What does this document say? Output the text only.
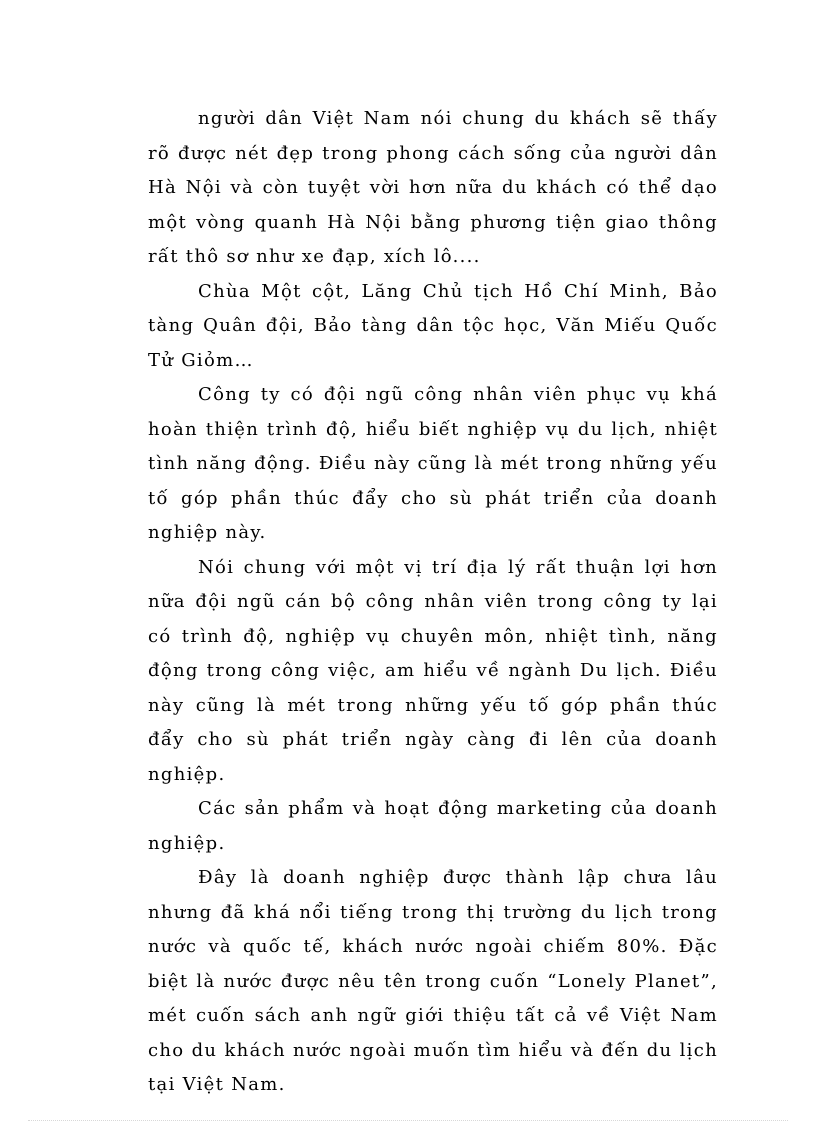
người dân Việt Nam nói chung du khách sẽ thấy rõ được nét đẹp trong phong cách sống của người dân Hà Nội và còn tuyệt vời hơn nữa du khách có thể dạo một vòng quanh Hà Nội bằng phương tiện giao thông rất thô sơ như xe đạp, xích lô....

Chùa Một cột, Lăng Chủ tịch Hồ Chí Minh, Bảo tàng Quân đội, Bảo tàng dân tộc học, Văn Miếu Quốc Tử Giỏm…

Công ty có đội ngũ công nhân viên phục vụ khá hoàn thiện trình độ, hiểu biết nghiệp vụ du lịch, nhiệt tình năng động. Điều này cũng là mét trong những yếu tố góp phần thúc đẩy cho sù phát triển của doanh nghiệp này.

Nói chung với một vị trí địa lý rất thuận lợi hơn nữa đội ngũ cán bộ công nhân viên trong công ty lại có trình độ, nghiệp vụ chuyên môn, nhiệt tình, năng động trong công việc, am hiểu về ngành Du lịch. Điều này cũng là mét trong những yếu tố góp phần thúc đẩy cho sù phát triển ngày càng đi lên của doanh nghiệp.

Các sản phẩm và hoạt động marketing của doanh nghiệp.

Đây là doanh nghiệp được thành lập chưa lâu nhưng đã khá nổi tiếng trong thị trường du lịch trong nước và quốc tế, khách nước ngoài chiếm 80%. Đặc biệt là nước được nêu tên trong cuốn “Lonely Planet”, mét cuốn sách anh ngữ giới thiệu tất cả về Việt Nam cho du khách nước ngoài muốn tìm hiểu và đến du lịch tại Việt Nam.
